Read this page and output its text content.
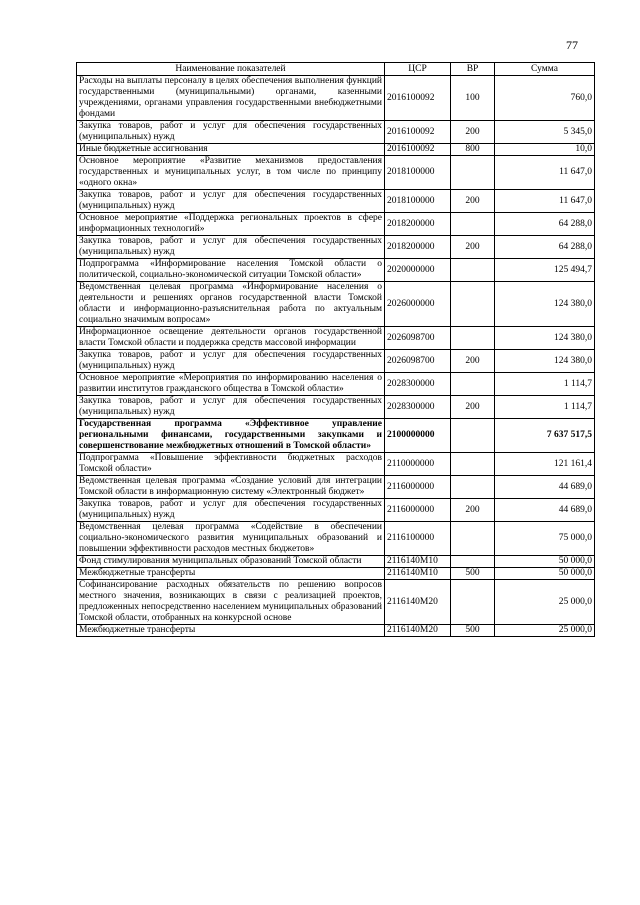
77
Наименование показателей	ЦСР	ВР	Сумма
Расходы на выплаты персоналу в целях обеспечения выполнения функций государственными (муниципальными) органами, казенными учреждениями, органами управления государственными внебюджетными фондами	2016100092	100	760,0
Закупка товаров, работ и услуг для обеспечения государственных (муниципальных) нужд	2016100092	200	5 345,0
Иные бюджетные ассигнования	2016100092	800	10,0
Основное мероприятие «Развитие механизмов предоставления государственных и муниципальных услуг, в том числе по принципу «одного окна»	2018100000		11 647,0
Закупка товаров, работ и услуг для обеспечения государственных (муниципальных) нужд	2018100000	200	11 647,0
Основное мероприятие «Поддержка региональных проектов в сфере информационных технологий»	2018200000		64 288,0
Закупка товаров, работ и услуг для обеспечения государственных (муниципальных) нужд	2018200000	200	64 288,0
Подпрограмма «Информирование населения Томской области о политической, социально-экономической ситуации Томской области»	2020000000		125 494,7
Ведомственная целевая программа «Информирование населения о деятельности и решениях органов государственной власти Томской области и информационно-разъяснительная работа по актуальным социально значимым вопросам»	2026000000		124 380,0
Информационное освещение деятельности органов государственной власти Томской области и поддержка средств массовой информации	2026098700		124 380,0
Закупка товаров, работ и услуг для обеспечения государственных (муниципальных) нужд	2026098700	200	124 380,0
Основное мероприятие «Мероприятия по информированию населения о развитии институтов гражданского общества в Томской области»	2028300000		1 114,7
Закупка товаров, работ и услуг для обеспечения государственных (муниципальных) нужд	2028300000	200	1 114,7
Государственная программа «Эффективное управление региональными финансами, государственными закупками и совершенствование межбюджетных отношений в Томской области»	2100000000		7 637 517,5
Подпрограмма «Повышение эффективности бюджетных расходов Томской области»	2110000000		121 161,4
Ведомственная целевая программа «Создание условий для интеграции Томской области в информационную систему «Электронный бюджет»	2116000000		44 689,0
Закупка товаров, работ и услуг для обеспечения государственных (муниципальных) нужд	2116000000	200	44 689,0
Ведомственная целевая программа «Содействие в обеспечении социально-экономического развития муниципальных образований и повышении эффективности расходов местных бюджетов»	2116100000		75 000,0
Фонд стимулирования муниципальных образований Томской области	2116140М10		50 000,0
Межбюджетные трансферты	2116140М10	500	50 000,0
Софинансирование расходных обязательств по решению вопросов местного значения, возникающих в связи с реализацией проектов, предложенных непосредственно населением муниципальных образований Томской области, отобранных на конкурсной основе	2116140М20		25 000,0
Межбюджетные трансферты	2116140М20	500	25 000,0
